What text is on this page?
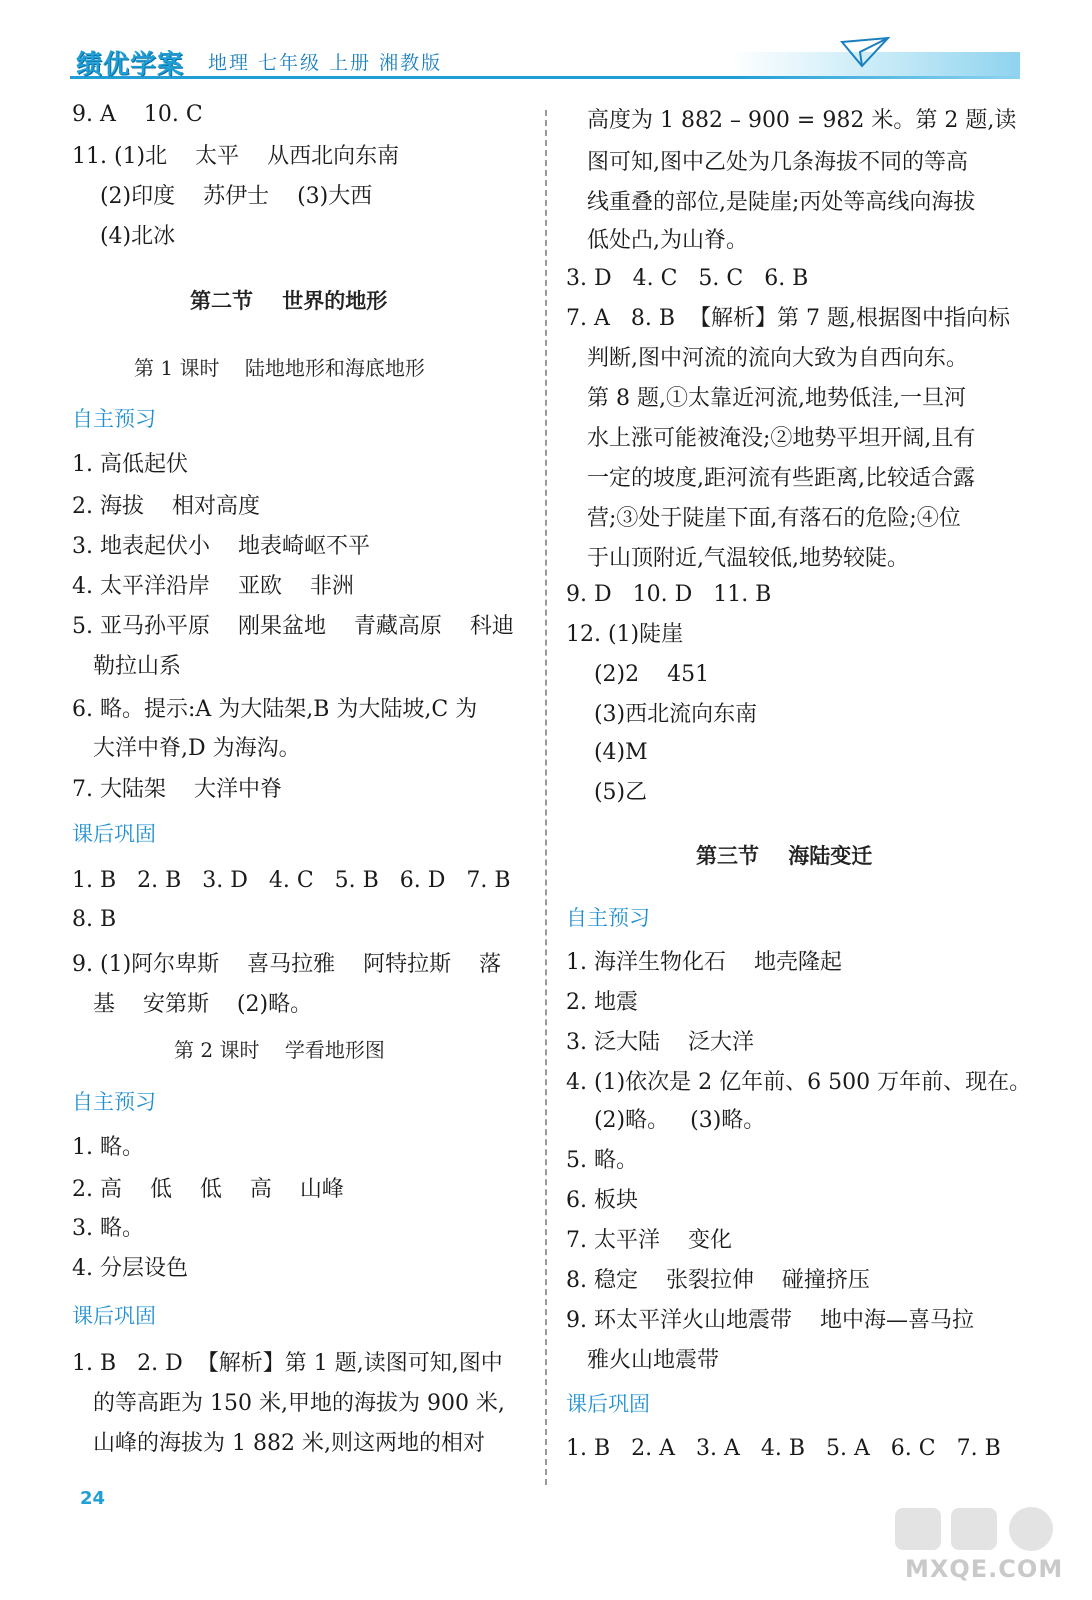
绩优学案 地理 七年级 上册 湘教版
9. A    10. C
11. (1)北    太平    从西北向东南
(2)印度    苏伊士    (3)大西
(4)北冰
第二节    世界的地形
第 1 课时    陆地地形和海底地形
自主预习
1. 高低起伏
2. 海拔    相对高度
3. 地表起伏小    地表崎岖不平
4. 太平洋沿岸    亚欧    非洲
5. 亚马孙平原    刚果盆地    青藏高原    科迪
勒拉山系
6. 略。提示:A 为大陆架,B 为大陆坡,C 为
大洋中脊,D 为海沟。
7. 大陆架    大洋中脊
课后巩固
1. B   2. B   3. D   4. C   5. B   6. D   7. B
8. B
9. (1)阿尔卑斯    喜马拉雅    阿特拉斯    落
基    安第斯    (2)略。
第 2 课时    学看地形图
自主预习
1. 略。
2. 高    低    低    高    山峰
3. 略。
4. 分层设色
课后巩固
1. B   2. D  【解析】第 1 题,读图可知,图中
的等高距为 150 米,甲地的海拔为 900 米,
山峰的海拔为 1 882 米,则这两地的相对
高度为 1 882 – 900 = 982 米。第 2 题,读
图可知,图中乙处为几条海拔不同的等高
线重叠的部位,是陡崖;丙处等高线向海拔
低处凸,为山脊。
3. D   4. C   5. C   6. B
7. A   8. B  【解析】第 7 题,根据图中指向标
判断,图中河流的流向大致为自西向东。
第 8 题,①太靠近河流,地势低洼,一旦河
水上涨可能被淹没;②地势平坦开阔,且有
一定的坡度,距河流有些距离,比较适合露
营;③处于陡崖下面,有落石的危险;④位
于山顶附近,气温较低,地势较陡。
9. D   10. D   11. B
12. (1)陡崖
(2)2    451
(3)西北流向东南
(4)M
(5)乙
第三节    海陆变迁
自主预习
1. 海洋生物化石    地壳隆起
2. 地震
3. 泛大陆    泛大洋
4. (1)依次是 2 亿年前、6 500 万年前、现在。
(2)略。   (3)略。
5. 略。
6. 板块
7. 太平洋    变化
8. 稳定    张裂拉伸    碰撞挤压
9. 环太平洋火山地震带    地中海—喜马拉
雅火山地震带
课后巩固
1. B   2. A   3. A   4. B   5. A   6. C   7. B
24
MXQE.COM
